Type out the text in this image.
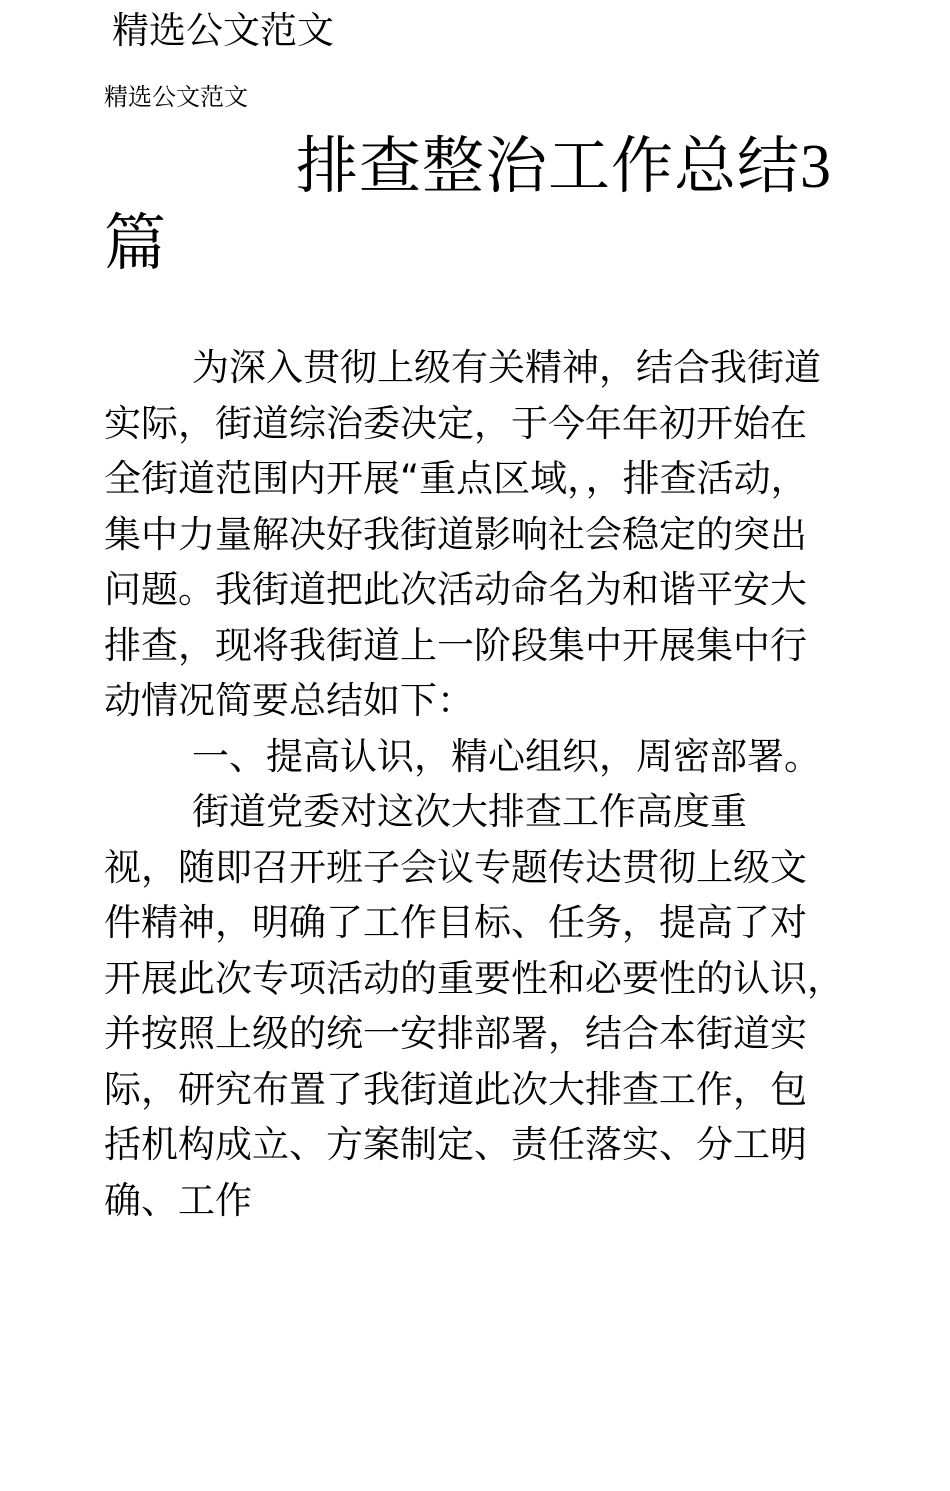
精选公文范文
精选公文范文
排查整治工作总结3
篇

为深入贯彻上级有关精神，结合我街道
实际，街道综治委决定，于今年年初开始在
全街道范围内开展“重点区域，，排查活动，
集中力量解决好我街道影响社会稳定的突出
问题。我街道把此次活动命名为和谐平安大
排查，现将我街道上一阶段集中开展集中行
动情况简要总结如下：

一、提高认识，精心组织，周密部署。

街道党委对这次大排查工作高度重
视，随即召开班子会议专题传达贯彻上级文
件精神，明确了工作目标、任务，提高了对
开展此次专项活动的重要性和必要性的认识，
并按照上级的统一安排部署，结合本街道实
际，研究布置了我街道此次大排查工作，包
括机构成立、方案制定、责任落实、分工明
确、工作
